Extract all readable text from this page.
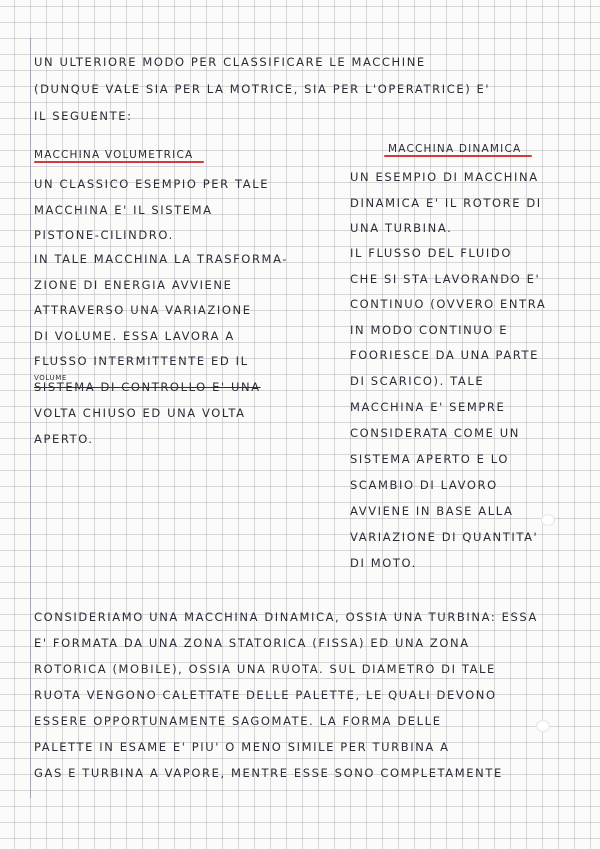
UN ULTERIORE MODO PER CLASSIFICARE LE MACCHINE
(DUNQUE VALE SIA PER LA MOTRICE, SIA PER L'OPERATRICE) E'
IL SEGUENTE:
MACCHINA VOLUMETRICA	MACCHINA DINAMICA
UN CLASSICO ESEMPIO PER TALE
MACCHINA E' IL SISTEMA
PISTONE-CILINDRO.
IN TALE MACCHINA LA TRASFORMA-
ZIONE DI ENERGIA AVVIENE
ATTRAVERSO UNA VARIAZIONE
DI VOLUME. ESSA LAVORA A
FLUSSO INTERMITTENTE ED IL
VOLUME
SISTEMA DI CONTROLLO E' UNA
VOLTA CHIUSO ED UNA VOLTA
APERTO.
UN ESEMPIO DI MACCHINA
DINAMICA E' IL ROTORE DI
UNA TURBINA.
IL FLUSSO DEL FLUIDO
CHE SI STA LAVORANDO E'
CONTINUO (OVVERO ENTRA
IN MODO CONTINUO E
FOORIESCE DA UNA PARTE
DI SCARICO). TALE
MACCHINA E' SEMPRE
CONSIDERATA COME UN
SISTEMA APERTO E LO
SCAMBIO DI LAVORO
AVVIENE IN BASE ALLA
VARIAZIONE DI QUANTITA'
DI MOTO.
CONSIDERIAMO UNA MACCHINA DINAMICA, OSSIA UNA TURBINA: ESSA
E' FORMATA DA UNA ZONA STATORICA (FISSA) ED UNA ZONA
ROTORICA (MOBILE), OSSIA UNA RUOTA. SUL DIAMETRO DI TALE
RUOTA VENGONO CALETTATE DELLE PALETTE, LE QUALI DEVONO
ESSERE OPPORTUNAMENTE SAGOMATE. LA FORMA DELLE
PALETTE IN ESAME E' PIU' O MENO SIMILE PER TURBINA A
GAS E TURBINA A VAPORE, MENTRE ESSE SONO COMPLETAMENTE
